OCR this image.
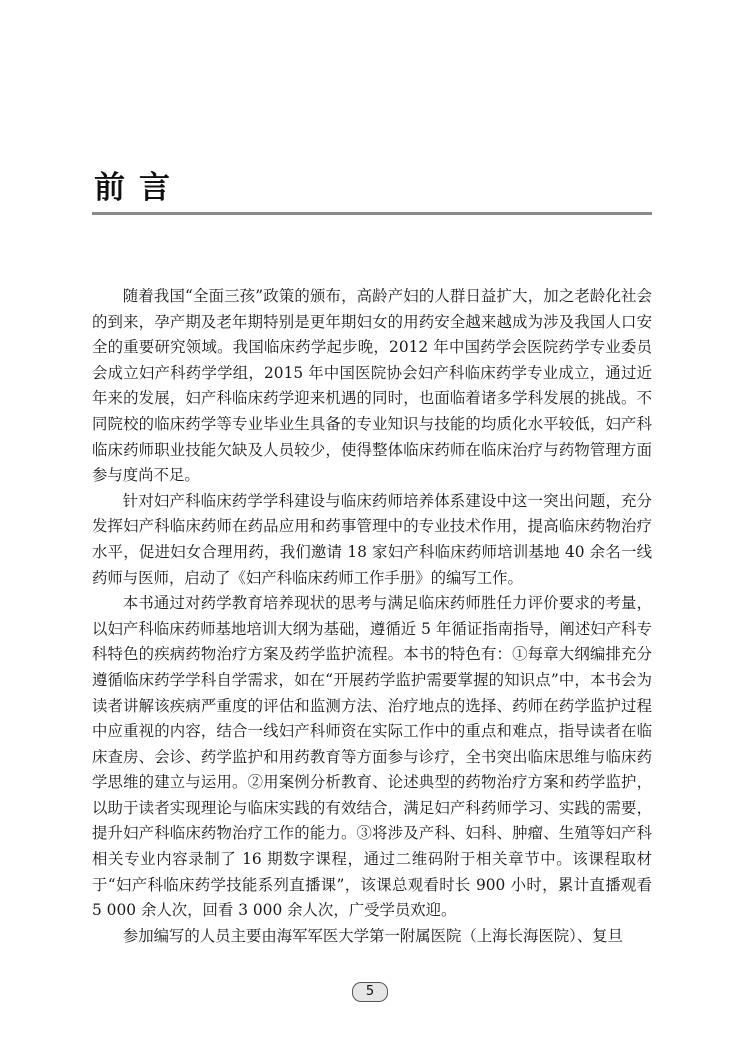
前言

随着我国“全面三孩”政策的颁布，高龄产妇的人群日益扩大，加之老龄化社会的到来，孕产期及老年期特别是更年期妇女的用药安全越来越成为涉及我国人口安全的重要研究领域。我国临床药学起步晚，2012 年中国药学会医院药学专业委员会成立妇产科药学学组，2015 年中国医院协会妇产科临床药学专业成立，通过近年来的发展，妇产科临床药学迎来机遇的同时，也面临着诸多学科发展的挑战。不同院校的临床药学等专业毕业生具备的专业知识与技能的均质化水平较低，妇产科临床药师职业技能欠缺及人员较少，使得整体临床药师在临床治疗与药物管理方面参与度尚不足。

针对妇产科临床药学学科建设与临床药师培养体系建设中这一突出问题，充分发挥妇产科临床药师在药品应用和药事管理中的专业技术作用，提高临床药物治疗水平，促进妇女合理用药，我们邀请 18 家妇产科临床药师培训基地 40 余名一线药师与医师，启动了《妇产科临床药师工作手册》的编写工作。

本书通过对药学教育培养现状的思考与满足临床药师胜任力评价要求的考量，以妇产科临床药师基地培训大纲为基础，遵循近 5 年循证指南指导，阐述妇产科专科特色的疾病药物治疗方案及药学监护流程。本书的特色有：①每章大纲编排充分遵循临床药学学科自学需求，如在“开展药学监护需要掌握的知识点”中，本书会为读者讲解该疾病严重度的评估和监测方法、治疗地点的选择、药师在药学监护过程中应重视的内容，结合一线妇产科师资在实际工作中的重点和难点，指导读者在临床查房、会诊、药学监护和用药教育等方面参与诊疗，全书突出临床思维与临床药学思维的建立与运用。②用案例分析教育、论述典型的药物治疗方案和药学监护，以助于读者实现理论与临床实践的有效结合，满足妇产科药师学习、实践的需要，提升妇产科临床药物治疗工作的能力。③将涉及产科、妇科、肿瘤、生殖等妇产科相关专业内容录制了 16 期数字课程，通过二维码附于相关章节中。该课程取材于“妇产科临床药学技能系列直播课”，该课总观看时长 900 小时，累计直播观看 5 000 余人次，回看 3 000 余人次，广受学员欢迎。

参加编写的人员主要由海军军医大学第一附属医院（上海长海医院）、复旦

5
